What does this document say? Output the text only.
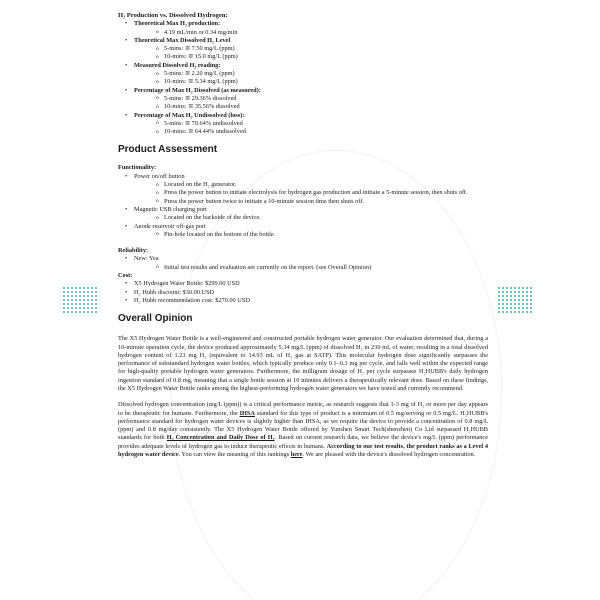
H₂ Production vs. Dissolved Hydrogen:

• Theoretical Max H₂ production:
o 4.19 mL/min or 0.34 mg/min
• Theoretical Max Dissolved H₂ Level
o 5-mins: ≅ 7.50 mg/L (ppm)
o 10-mins: ≅ 15.0 mg/L (ppm)
• Measured Dissolved H₂ reading:
o 5-mins: ≅ 2.20 mg/L (ppm)
o 10-mins: ≅ 5.34 mg/L (ppm)
• Percentage of Max H₂ Dissolved (as measured):
o 5-mins: ≅ 29.36% dissolved
o 10-mins: ≅ 35.56% dissolved
• Percentage of Max H₂ Undissolved (loss):
o 5-mins: ≅ 70.64% undissolved
o 10-mins: ≅ 64.44% undissolved

Product Assessment

Functionality:

• Power on/off button
o Located on the H₂ generator.
o Press the power button to initiate electrolysis for hydrogen gas production and initiate a 5-minute session, then shuts off.
o Press the power button twice to initiate a 10-minute session time then shuts off.
• Magnetic USB charging port
o Located on the backside of the device.
• Anode reservoir off-gas port
o Pin-hole located on the bottom of the bottle.

Reliability:

• New: Yea
o Initial test results and evaluation are currently on the report. (see Overall Opinion)

Cost:

• X5 Hydrogen Water Bottle: $299.00 USD
• H₂ Hubb discount: $30.00 USD
• H₂ Hubb recommendation cost: $270.00 USD

Overall Opinion

The X5 Hydrogen Water Bottle is a well-engineered and constructed portable hydrogen water generator. Our evaluation determined that, during a 10-minute operation cycle, the device produced approximately 5.34 mg/L (ppm) of dissolved H₂ in 230 mL of water, resulting in a total dissolved hydrogen content of 1.23 mg H₂ (equivalent to 14.93 mL of H₂ gas at SATP). This molecular hydrogen dose significantly surpasses the performance of substandard hydrogen water bottles, which typically produce only 0.1–0.3 mg per cycle, and falls well within the expected range for high-quality portable hydrogen water generators. Furthermore, the milligram dosage of H₂ per cycle surpasses H₂HUBB's daily hydrogen ingestion standard of 0.8 mg, meaning that a single bottle session at 10 minutes delivers a therapeutically relevant dose. Based on these findings, the X5 Hydrogen Water Bottle ranks among the highest-performing hydrogen water generators we have tested and currently recommend.

Dissolved hydrogen concentration (mg/L (ppm)) is a critical performance metric, as research suggests that 1-3 mg of H₂ or more per day appears to be therapeutic for humans. Furthermore, the IHSA standard for this type of product is a minimum of 0.5 mg/serving or 0.5 mg/L. H₂HUBB's performance standard for hydrogen water devices is slightly higher than IHSA, as we require the device to provide a concentration of 0.8 mg/L (ppm) and 0.8 mg/day consistently. The X5 Hydrogen Water Bottle offered by Yunshen Smart Tech(shenzhen) Co Ltd surpassed H₂HUBB standards for both H₂ Concentration and Daily Dose of H₂. Based on current research data, we believe the device's mg/L (ppm) performance provides adequate levels of hydrogen gas to induce therapeutic effects in humans. According to our test results, the product ranks as a Level 4 hydrogen water device. You can view the meaning of this rankings here. We are pleased with the device's dissolved hydrogen concentration.
